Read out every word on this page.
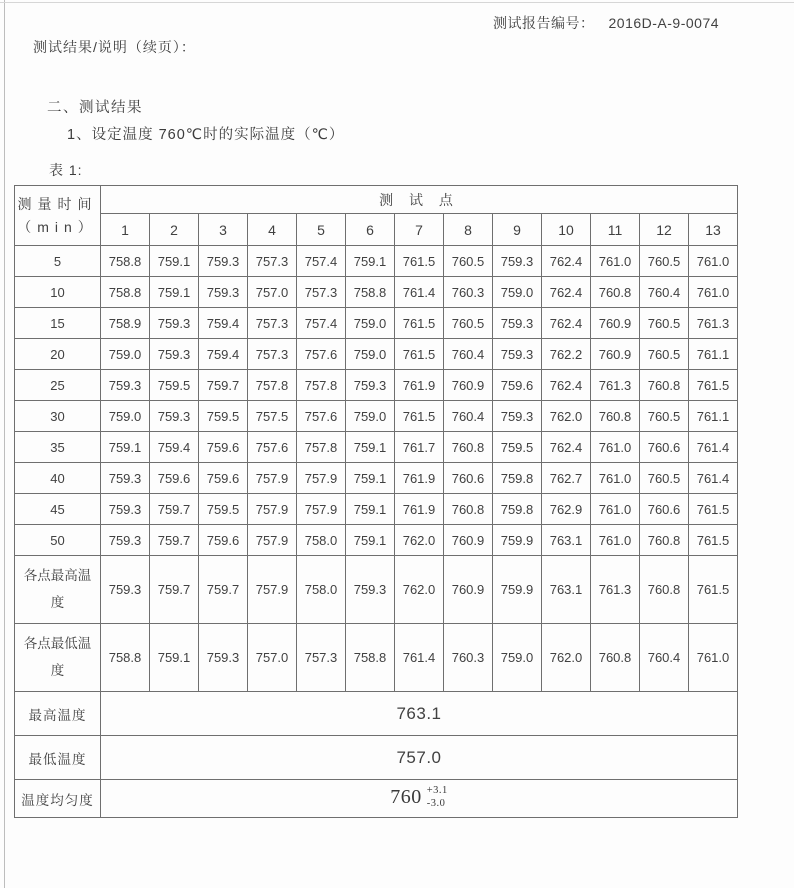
测试报告编号： 2016D-A-9-0074
测试结果/说明（续页）：
二、测试结果
1、设定温度 760℃时的实际温度（℃）
表 1:
测量时间
（min）	测 试 点												
	1	2	3	4	5	6	7	8	9	10	11	12	13
5	758.8	759.1	759.3	757.3	757.4	759.1	761.5	760.5	759.3	762.4	761.0	760.5	761.0
10	758.8	759.1	759.3	757.0	757.3	758.8	761.4	760.3	759.0	762.4	760.8	760.4	761.0
15	758.9	759.3	759.4	757.3	757.4	759.0	761.5	760.5	759.3	762.4	760.9	760.5	761.3
20	759.0	759.3	759.4	757.3	757.6	759.0	761.5	760.4	759.3	762.2	760.9	760.5	761.1
25	759.3	759.5	759.7	757.8	757.8	759.3	761.9	760.9	759.6	762.4	761.3	760.8	761.5
30	759.0	759.3	759.5	757.5	757.6	759.0	761.5	760.4	759.3	762.0	760.8	760.5	761.1
35	759.1	759.4	759.6	757.6	757.8	759.1	761.7	760.8	759.5	762.4	761.0	760.6	761.4
40	759.3	759.6	759.6	757.9	757.9	759.1	761.9	760.6	759.8	762.7	761.0	760.5	761.4
45	759.3	759.7	759.5	757.9	757.9	759.1	761.9	760.8	759.8	762.9	761.0	760.6	761.5
50	759.3	759.7	759.6	757.9	758.0	759.1	762.0	760.9	759.9	763.1	761.0	760.8	761.5
各点最高温度	759.3	759.7	759.7	757.9	758.0	759.3	762.0	760.9	759.9	763.1	761.3	760.8	761.5
各点最低温度	758.8	759.1	759.3	757.0	757.3	758.8	761.4	760.3	759.0	762.0	760.8	760.4	761.0
最高温度	763.1												
最低温度	757.0												
温度均匀度	760 +3.1
-3.0												
